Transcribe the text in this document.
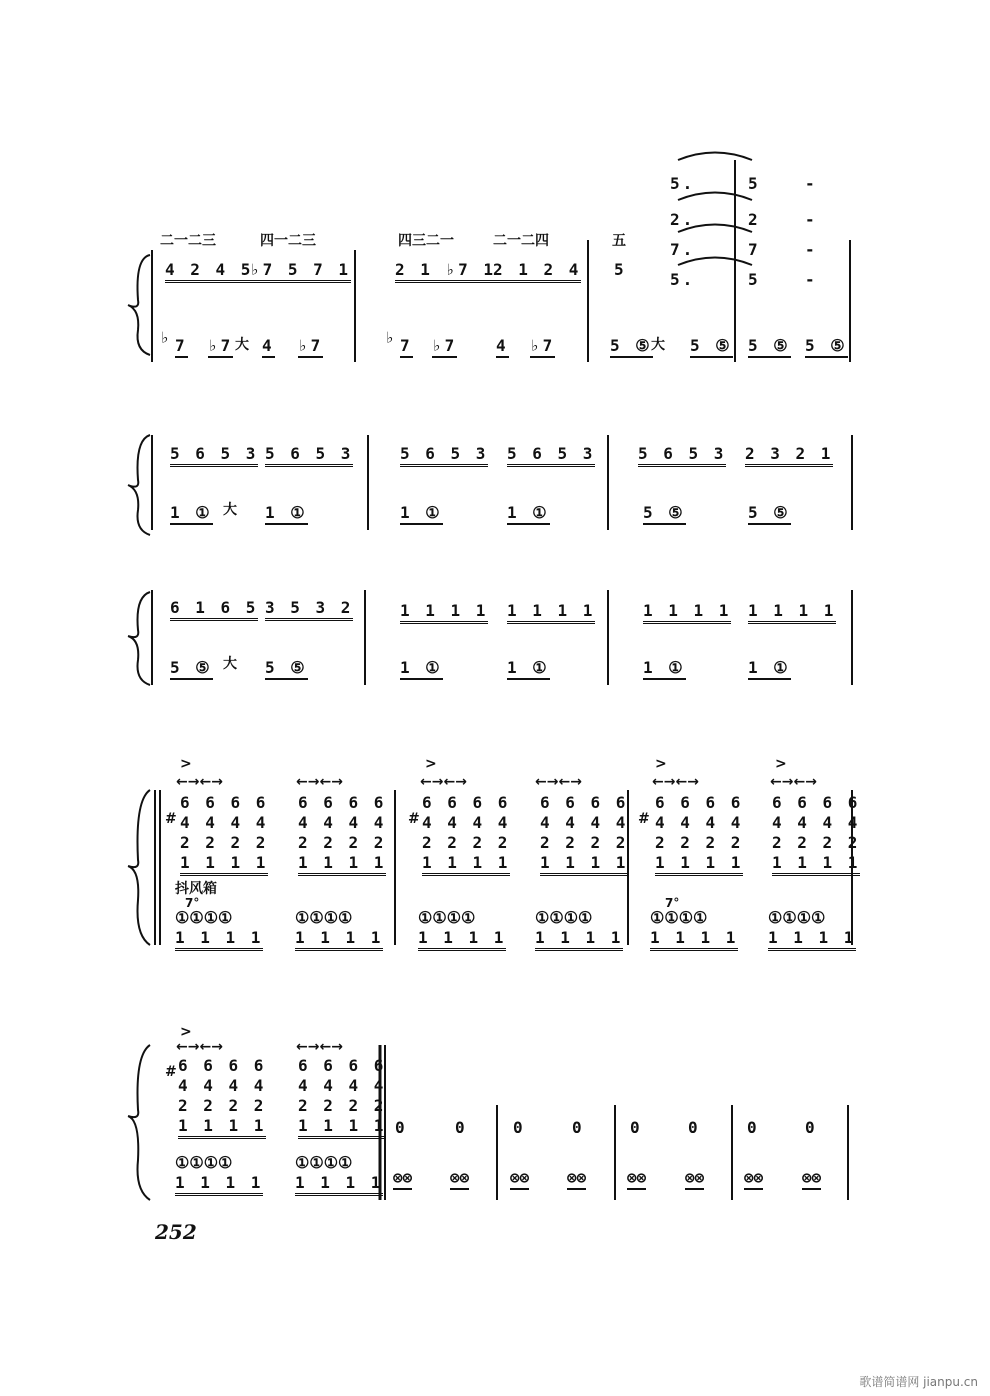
二一二三	四一二三	四三二一	二一二四	五
4 2 4 5
♭7 5 7 1	2 1 ♭7 1
2 1 2 4 5
5.	5	-
2.	2	-
7.	7	-
5.	5	-
♭ 7 ♭7 大 4 ♭7	♭ 7 ♭7 4 ♭7	5 ⑤
大 5 ⑤ 5 ⑤ 5 ⑤
5 6 5 3 5 6 5 3	5 6 5 3 5 6 5 3	5 6 5 3 2 3 2 1
1 ① 大 1 ①	1 ①	1 ①	5 ⑤	5 ⑤
6 1 6 5 3 5 3 2	1 1 1 1 1 1 1 1	1 1 1 1 1 1 1 1
5 ⑤ 大 5 ⑤	1 ①	1 ①	1 ①	1 ①
>	>	>	>
←→←→	←→←→	←→←→	←→←→	←→←→	←→←→
#	#	#
6 6 6 6
4 4 4 4
2 2 2 2
1 1 1 1
6 6 6 6
4 4 4 4
2 2 2 2
1 1 1 1
6 6 6 6
4 4 4 4
2 2 2 2
1 1 1 1
6 6 6 6
4 4 4 4
2 2 2 2
1 1 1 1
6 6 6 6
4 4 4 4
2 2 2 2
1 1 1 1
6 6 6 6
4 4 4 4
2 2 2 2
1 1 1 1
抖风箱
7°	7°
①①①①
1 1 1 1
①①①①
1 1 1 1
①①①①
1 1 1 1
①①①①
1 1 1 1
①①①①
1 1 1 1
①①①①
1 1 1 1
>
←→←→	←→←→
# 6 6 6 6
4 4 4 4
2 2 2 2
1 1 1 1
6 6 6 6
4 4 4 4
2 2 2 2
1 1 1 1
①①①①
1 1 1 1
①①①①
1 1 1 1
0	0	0	0	0	0	0	0
⊗⊗ ⊗⊗	⊗⊗ ⊗⊗	⊗⊗ ⊗⊗ ⊗⊗ ⊗⊗
252
歌谱简谱网 jianpu.cn
